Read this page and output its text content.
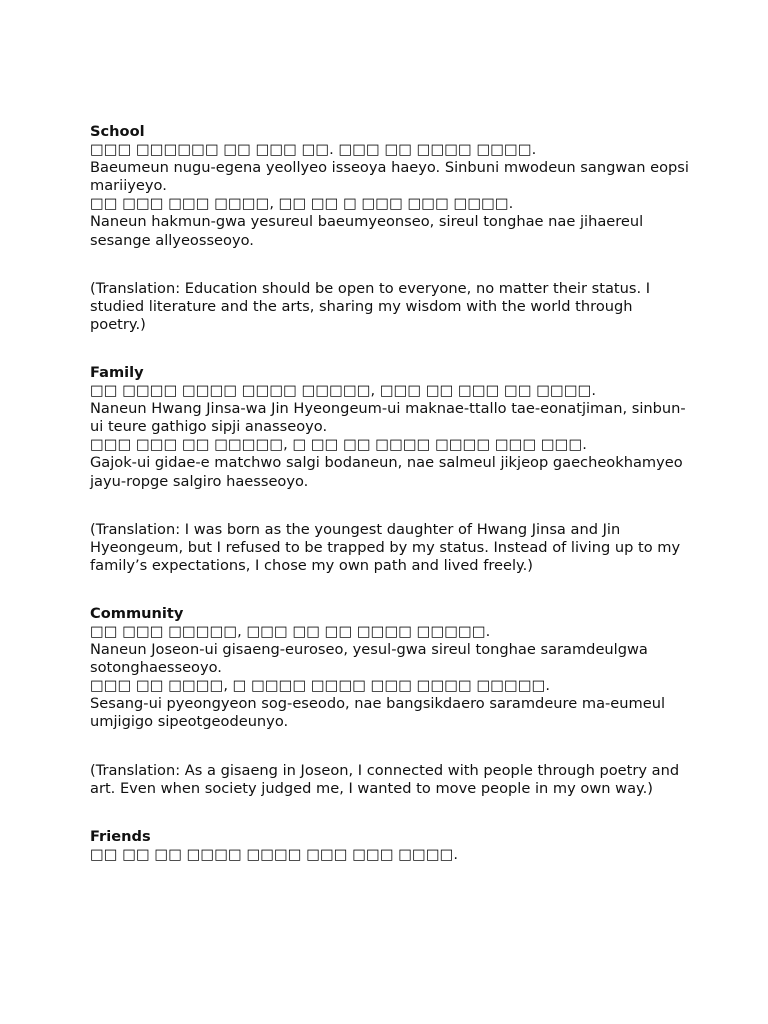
School

□□□ □□□□□□ □□ □□□ □□. □□□ □□ □□□□ □□□□.

Baeumeun nugu-egena yeollyeo isseoya haeyo. Sinbuni mwodeun sangwan eopsi mariiyeyo.

□□ □□□ □□□ □□□□, □□ □□ □ □□□ □□□ □□□□.

Naneun hakmun-gwa yesureul baeumyeonseo, sireul tonghae nae jihaereul sesange allyeosseoyo.

(Translation: Education should be open to everyone, no matter their status. I studied literature and the arts, sharing my wisdom with the world through poetry.)

Family

□□ □□□□ □□□□ □□□□ □□□□□, □□□ □□ □□□ □□ □□□□.

Naneun Hwang Jinsa-wa Jin Hyeongeum-ui maknae-ttallo tae-eonatjiman, sinbun-ui teure gathigo sipji anasseoyo.

□□□ □□□ □□ □□□□□, □ □□ □□ □□□□ □□□□ □□□ □□□.

Gajok-ui gidae-e matchwo salgi bodaneun, nae salmeul jikjeop gaecheokhamyeo jayu-ropge salgiro haesseoyo.

(Translation: I was born as the youngest daughter of Hwang Jinsa and Jin Hyeongeum, but I refused to be trapped by my status. Instead of living up to my family’s expectations, I chose my own path and lived freely.)

Community

□□ □□□ □□□□□, □□□ □□ □□ □□□□ □□□□□.

Naneun Joseon-ui gisaeng-euroseo, yesul-gwa sireul tonghae saramdeulgwa sotonghaesseoyo.

□□□ □□ □□□□, □ □□□□ □□□□ □□□ □□□□ □□□□□.

Sesang-ui pyeongyeon sog-eseodo, nae bangsikdaero saramdeure ma-eumeul umjigigo sipeotgeodeunyo.

(Translation: As a gisaeng in Joseon, I connected with people through poetry and art. Even when society judged me, I wanted to move people in my own way.)

Friends

□□ □□ □□ □□□□ □□□□ □□□ □□□ □□□□.
